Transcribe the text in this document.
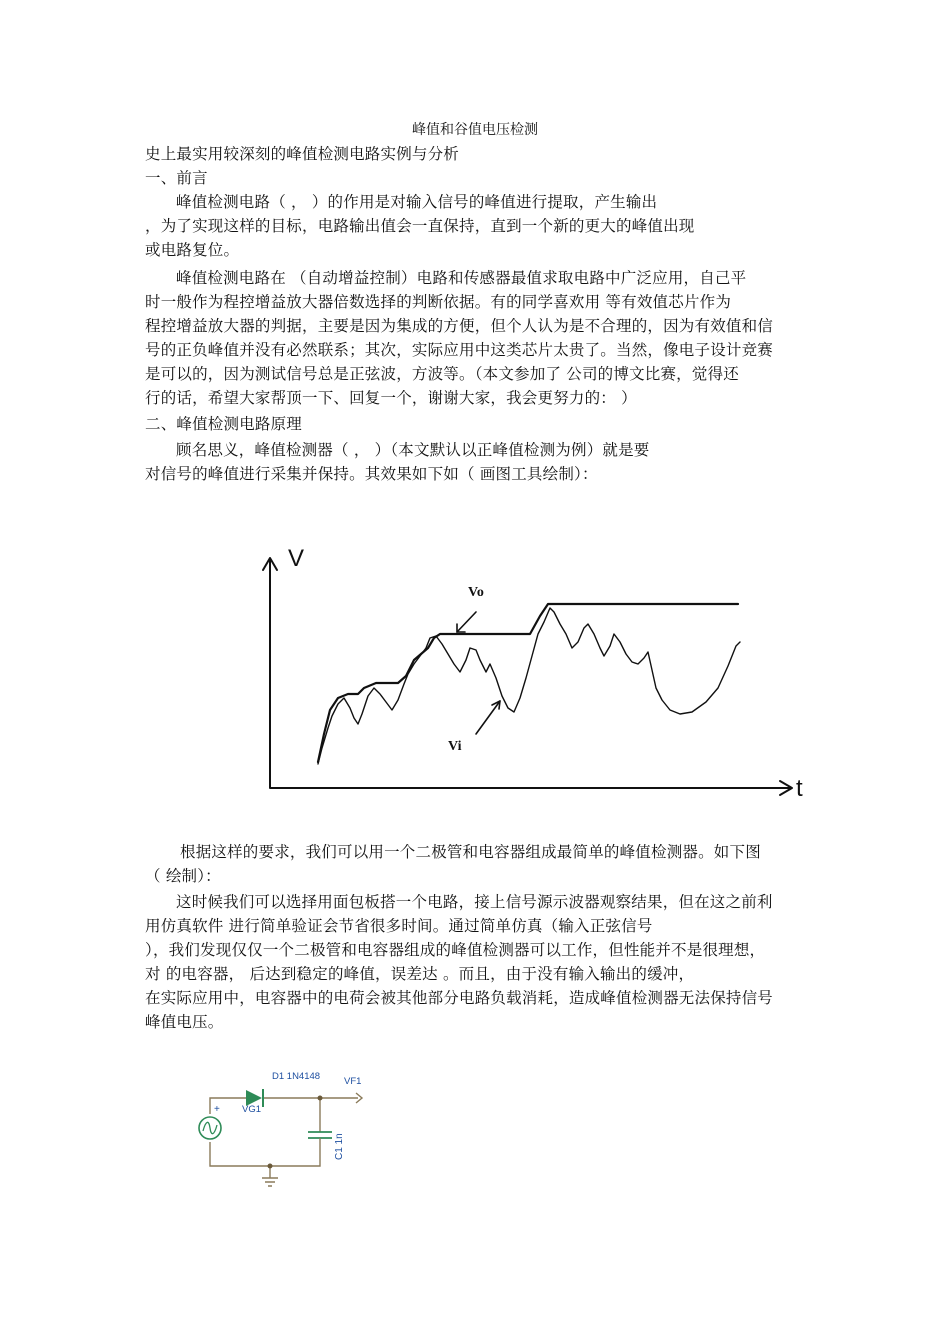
峰值和谷值电压检测
史上最实用较深刻的峰值检测电路实例与分析
一、前言
峰值检测电路（ ， ）的作用是对输入信号的峰值进行提取，产生输出
，为了实现这样的目标，电路输出值会一直保持，直到一个新的更大的峰值出现
或电路复位。
峰值检测电路在 （自动增益控制）电路和传感器最值求取电路中广泛应用，自己平
时一般作为程控增益放大器倍数选择的判断依据。有的同学喜欢用 等有效值芯片作为
程控增益放大器的判据，主要是因为集成的方便，但个人认为是不合理的，因为有效值和信
号的正负峰值并没有必然联系；其次，实际应用中这类芯片太贵了。当然，像电子设计竞赛
是可以的，因为测试信号总是正弦波，方波等。（本文参加了 公司的博文比赛，觉得还
行的话，希望大家帮顶一下、回复一个，谢谢大家，我会更努力的： ）
二、峰值检测电路原理
顾名思义，峰值检测器（ ， ）（本文默认以正峰值检测为例）就是要
对信号的峰值进行采集并保持。其效果如下如（ 画图工具绘制）：
V
t
Vo
Vi
根据这样的要求，我们可以用一个二极管和电容器组成最简单的峰值检测器。如下图
（ 绘制）：
这时候我们可以选择用面包板搭一个电路，接上信号源示波器观察结果，但在这之前利
用仿真软件 进行简单验证会节省很多时间。通过简单仿真（输入正弦信号
），我们发现仅仅一个二极管和电容器组成的峰值检测器可以工作，但性能并不是很理想，
对 的电容器， 后达到稳定的峰值，误差达 。而且，由于没有输入输出的缓冲，
在实际应用中，电容器中的电荷会被其他部分电路负载消耗，造成峰值检测器无法保持信号
峰值电压。
D1 1N4148
VG1
VF1
+
C1 1n
